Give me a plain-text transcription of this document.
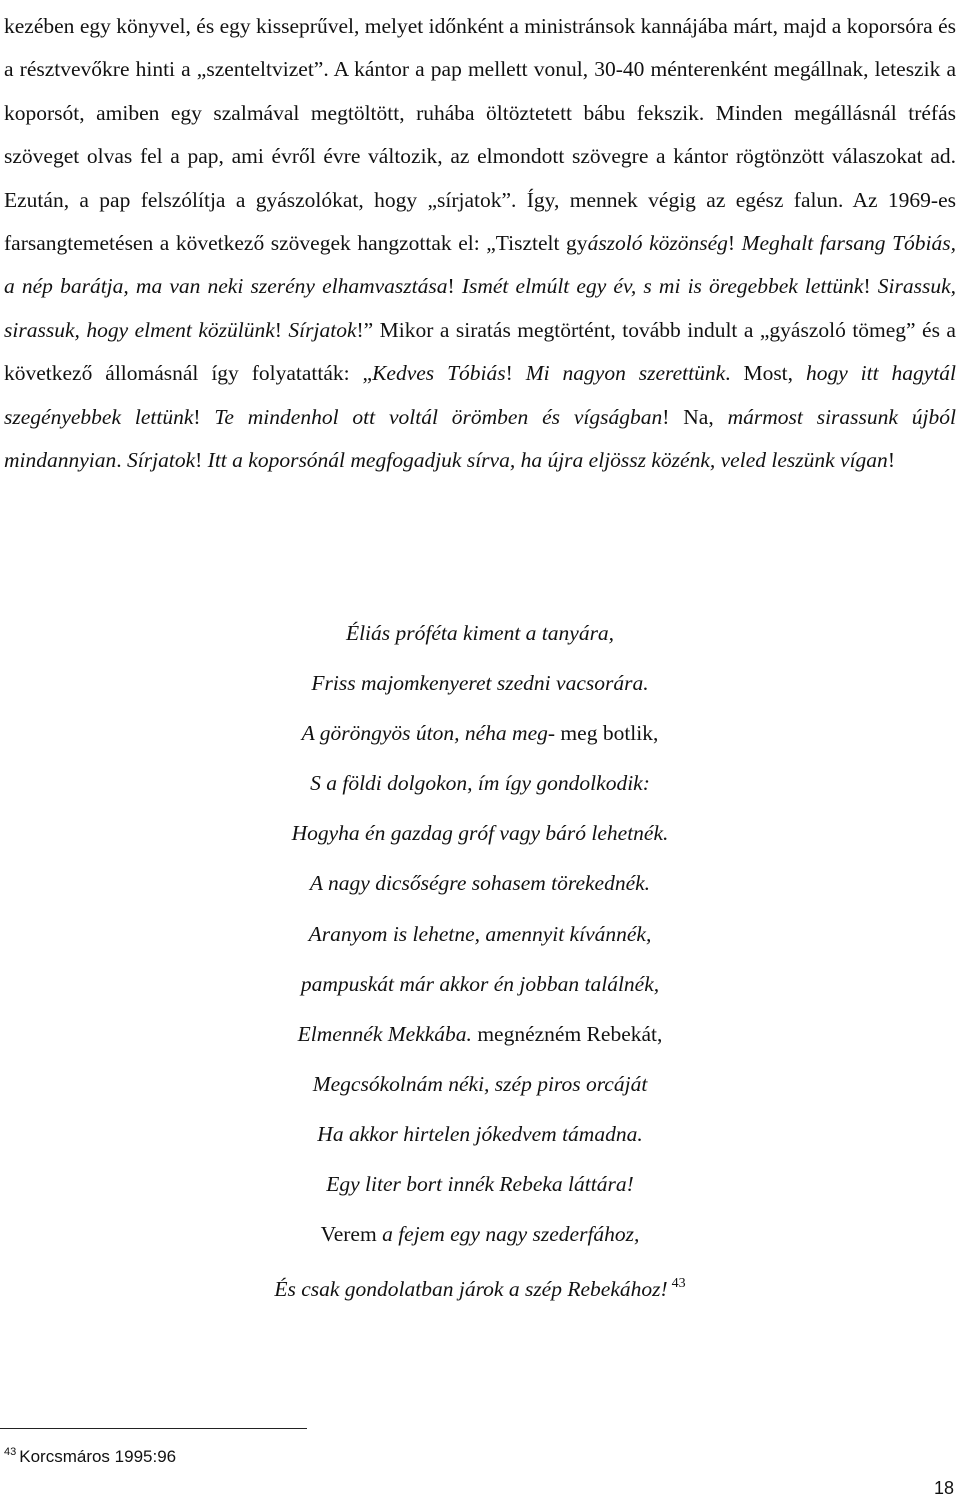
kezében egy könyvel, és egy kisseprűvel, melyet időnként a ministránsok kannájába márt, majd a koporsóra és a résztvevőkre hinti a „szenteltvizet”. A kántor a pap mellett vonul, 30-40 ménterenként megállnak, leteszik a koporsót, amiben egy szalmával megtöltött, ruhába öltöztetett bábu fekszik. Minden megállásnál tréfás szöveget olvas fel a pap, ami évről évre változik, az elmondott szövegre a kántor rögtönzött válaszokat ad. Ezután, a pap felszólítja a gyászolókat, hogy „sírjatok”. Így, mennek végig az egész falun. Az 1969-es farsangtemetésen a következő szövegek hangzottak el: „Tisztelt gyászoló közönség! Meghalt farsang Tóbiás, a nép barátja, ma van neki szerény elhamvasztása! Ismét elmúlt egy év, s mi is öregebbek lettünk! Sirassuk, sirassuk, hogy elment közülünk! Sírjatok!” Mikor a siratás megtörtént, tovább indult a „gyászoló tömeg” és a következő állomásnál így folyatatták: „Kedves Tóbiás! Mi nagyon szerettünk. Most, hogy itt hagytál szegényebbek lettünk! Te mindenhol ott voltál örömben és vígságban! Na, mármost sirassunk újból mindannyian. Sírjatok! Itt a koporsónál megfogadjuk sírva, ha újra eljössz közénk, veled leszünk vígan!

Éliás próféta kiment a tanyára,
Friss majomkenyeret szedni vacsorára.
A göröngyös úton, néha meg- meg botlik,
S a földi dolgokon, ím így gondolkodik:
Hogyha én gazdag gróf vagy báró lehetnék.
A nagy dicsőségre sohasem törekednék.
Aranyom is lehetne, amennyit kívánnék,
pampuskát már akkor én jobban találnék,
Elmennék Mekkába. megnézném Rebekát,
Megcsókolnám néki, szép piros orcáját
Ha akkor hirtelen jókedvem támadna.
Egy liter bort innék Rebeka láttára!
Verem a fejem egy nagy szederfához,
És csak gondolatban járok a szép Rebekához! $^{43}$

$^{43}$ Korcsmáros 1995:96

18
